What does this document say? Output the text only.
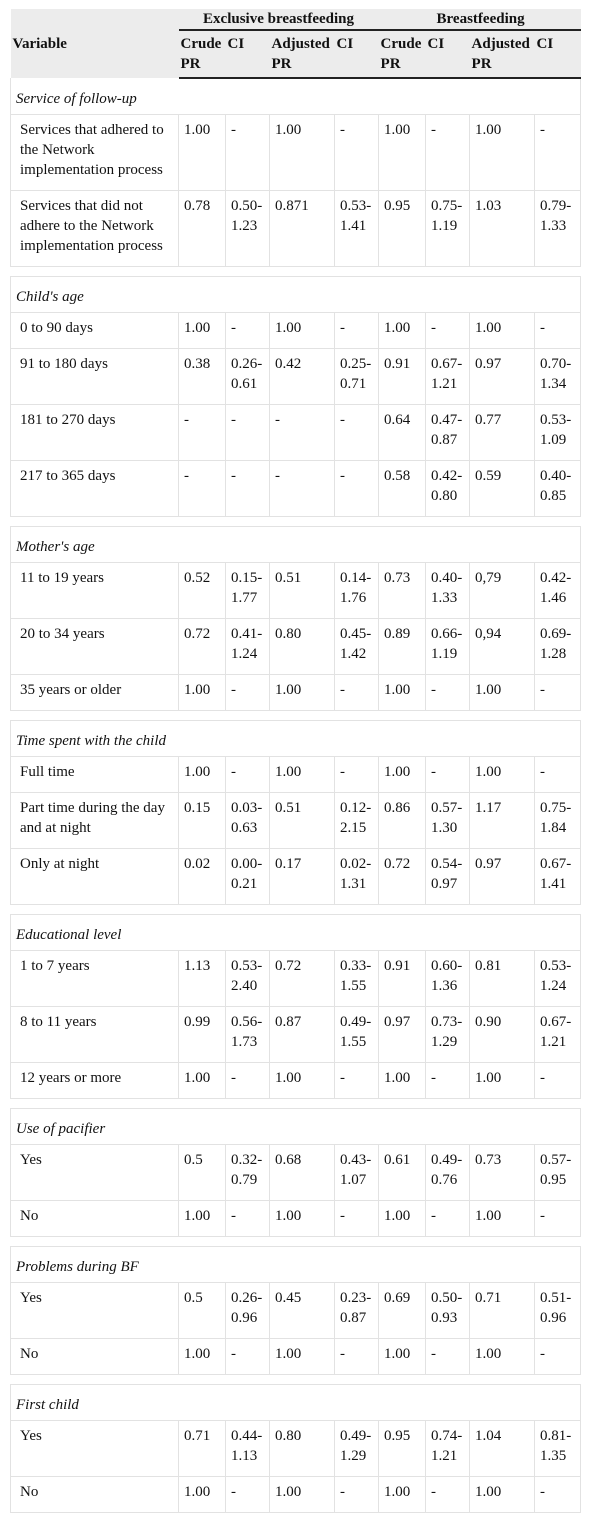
Variable	Exclusive breastfeeding				Breastfeeding			
	Crude PR	CI	Adjusted PR	CI	Crude PR	CI	Adjusted PR	CI
Service of follow-up								
Services that adhered to the Network implementation process	1.00	-	1.00	-	1.00	-	1.00	-
Services that did not adhere to the Network implementation process	0.78	0.50-1.23	0.871	0.53-1.41	0.95	0.75-1.19	1.03	0.79-1.33

Child's age								
0 to 90 days	1.00	-	1.00	-	1.00	-	1.00	-
91 to 180 days	0.38	0.26-0.61	0.42	0.25-0.71	0.91	0.67-1.21	0.97	0.70-1.34
181 to 270 days	-	-	-	-	0.64	0.47-0.87	0.77	0.53-1.09
217 to 365 days	-	-	-	-	0.58	0.42-0.80	0.59	0.40-0.85

Mother's age								
11 to 19 years	0.52	0.15-1.77	0.51	0.14-1.76	0.73	0.40-1.33	0,79	0.42-1.46
20 to 34 years	0.72	0.41-1.24	0.80	0.45-1.42	0.89	0.66-1.19	0,94	0.69-1.28
35 years or older	1.00	-	1.00	-	1.00	-	1.00	-

Time spent with the child								
Full time	1.00	-	1.00	-	1.00	-	1.00	-
Part time during the day and at night	0.15	0.03-0.63	0.51	0.12-2.15	0.86	0.57-1.30	1.17	0.75-1.84
Only at night	0.02	0.00-0.21	0.17	0.02-1.31	0.72	0.54-0.97	0.97	0.67-1.41

Educational level								
1 to 7 years	1.13	0.53-2.40	0.72	0.33-1.55	0.91	0.60-1.36	0.81	0.53-1.24
8 to 11 years	0.99	0.56-1.73	0.87	0.49-1.55	0.97	0.73-1.29	0.90	0.67-1.21
12 years or more	1.00	-	1.00	-	1.00	-	1.00	-

Use of pacifier								
Yes	0.5	0.32-0.79	0.68	0.43-1.07	0.61	0.49-0.76	0.73	0.57-0.95
No	1.00	-	1.00	-	1.00	-	1.00	-

Problems during BF								
Yes	0.5	0.26-0.96	0.45	0.23-0.87	0.69	0.50-0.93	0.71	0.51-0.96
No	1.00	-	1.00	-	1.00	-	1.00	-

First child								
Yes	0.71	0.44-1.13	0.80	0.49-1.29	0.95	0.74-1.21	1.04	0.81-1.35
No	1.00	-	1.00	-	1.00	-	1.00	-
